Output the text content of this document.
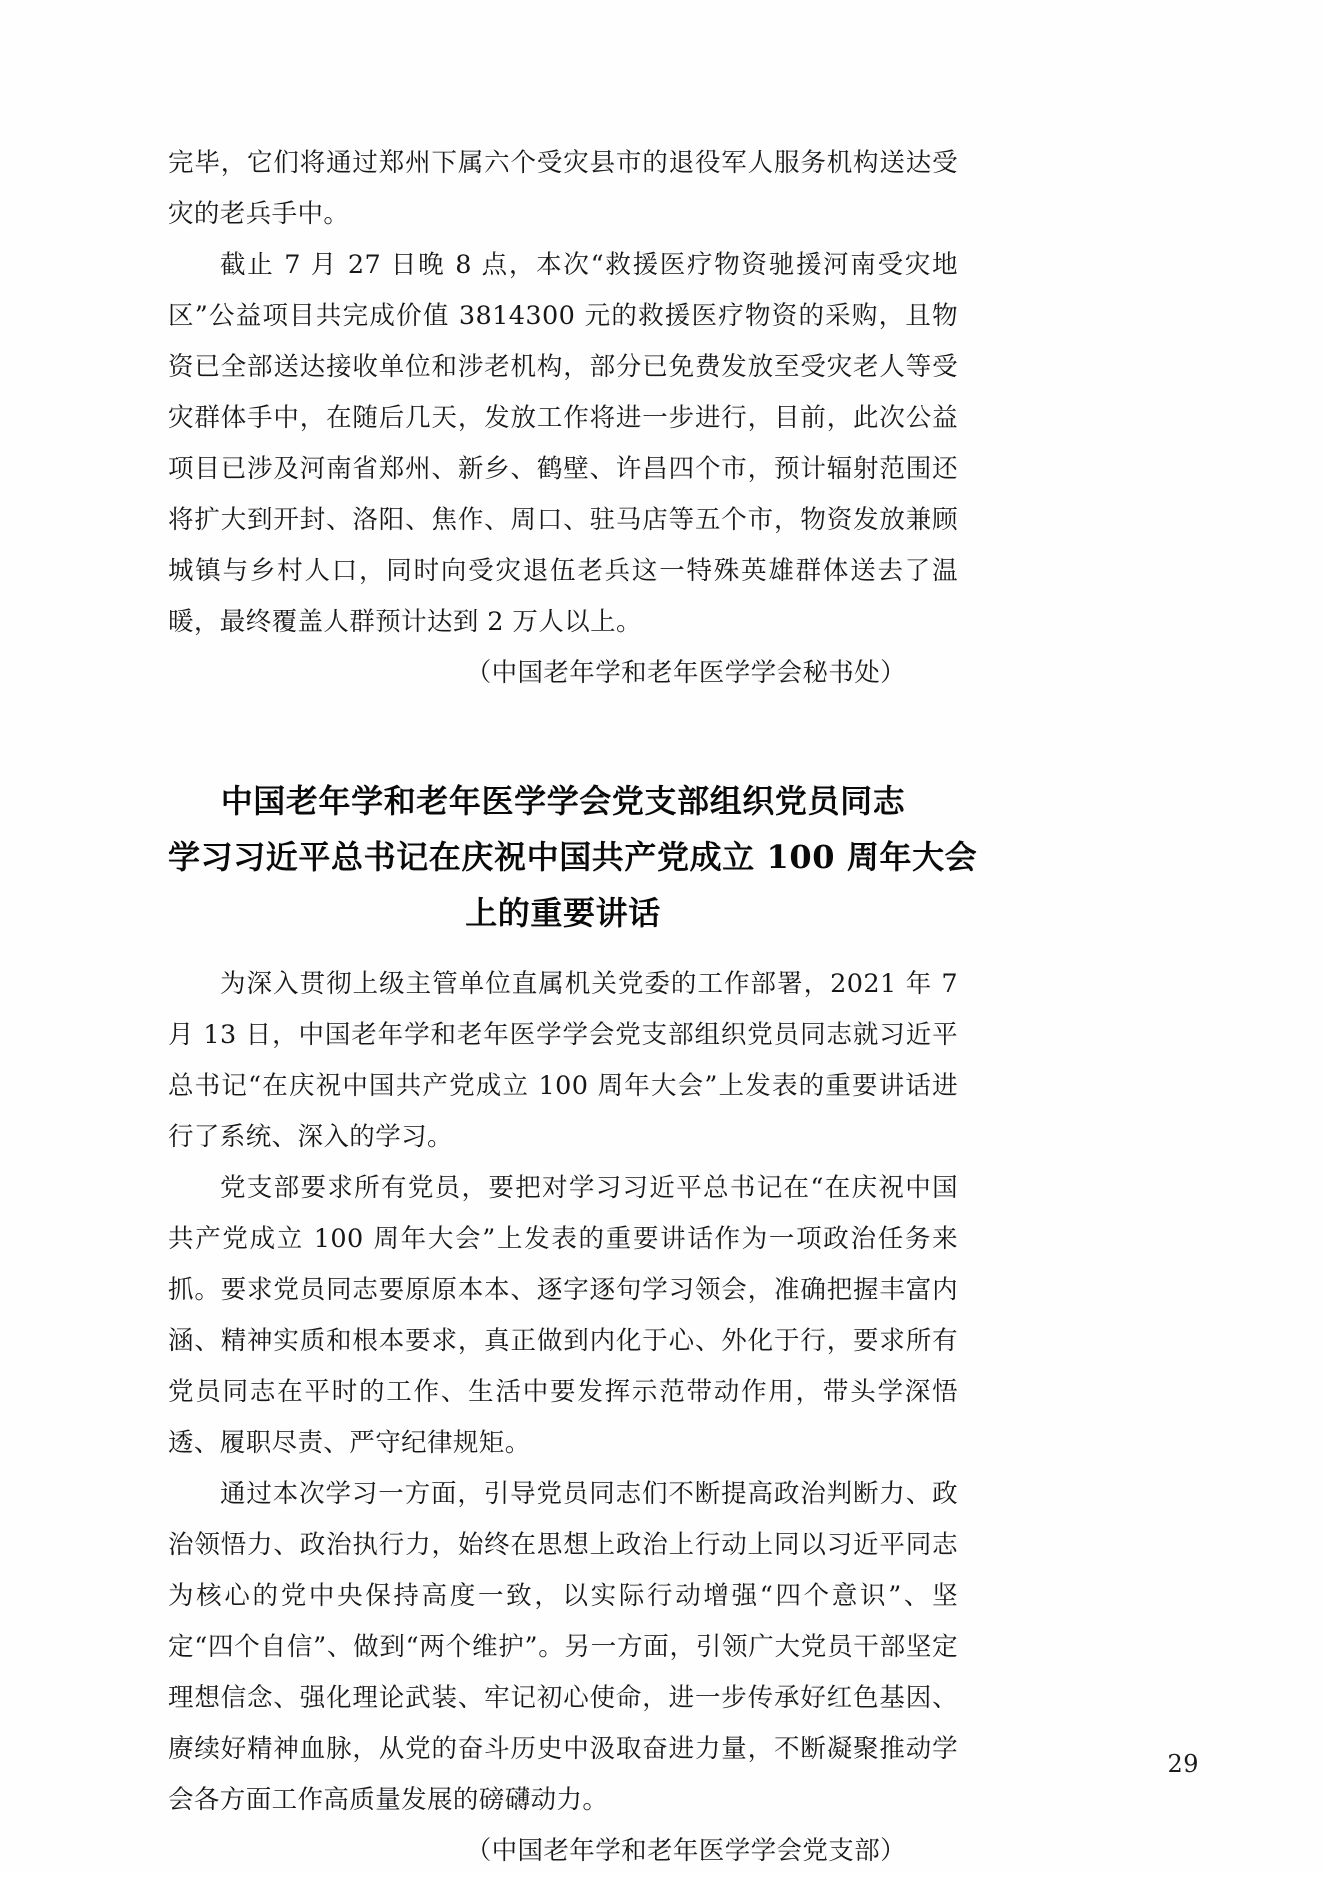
完毕，它们将通过郑州下属六个受灾县市的退役军人服务机构送达受灾的老兵手中。

截止 7 月 27 日晚 8 点，本次“救援医疗物资驰援河南受灾地区”公益项目共完成价值 3814300 元的救援医疗物资的采购，且物资已全部送达接收单位和涉老机构，部分已免费发放至受灾老人等受灾群体手中，在随后几天，发放工作将进一步进行，目前，此次公益项目已涉及河南省郑州、新乡、鹤壁、许昌四个市，预计辐射范围还将扩大到开封、洛阳、焦作、周口、驻马店等五个市，物资发放兼顾城镇与乡村人口，同时向受灾退伍老兵这一特殊英雄群体送去了温暖，最终覆盖人群预计达到 2 万人以上。

（中国老年学和老年医学学会秘书处）
中国老年学和老年医学学会党支部组织党员同志
学习习近平总书记在庆祝中国共产党成立 100 周年大会
上的重要讲话

为深入贯彻上级主管单位直属机关党委的工作部署，2021 年 7 月 13 日，中国老年学和老年医学学会党支部组织党员同志就习近平总书记“在庆祝中国共产党成立 100 周年大会”上发表的重要讲话进行了系统、深入的学习。

党支部要求所有党员，要把对学习习近平总书记在“在庆祝中国共产党成立 100 周年大会”上发表的重要讲话作为一项政治任务来抓。要求党员同志要原原本本、逐字逐句学习领会，准确把握丰富内涵、精神实质和根本要求，真正做到内化于心、外化于行，要求所有党员同志在平时的工作、生活中要发挥示范带动作用，带头学深悟透、履职尽责、严守纪律规矩。

通过本次学习一方面，引导党员同志们不断提高政治判断力、政治领悟力、政治执行力，始终在思想上政治上行动上同以习近平同志为核心的党中央保持高度一致，以实际行动增强“四个意识”、坚定“四个自信”、做到“两个维护”。另一方面，引领广大党员干部坚定理想信念、强化理论武装、牢记初心使命，进一步传承好红色基因、赓续好精神血脉，从党的奋斗历史中汲取奋进力量，不断凝聚推动学会各方面工作高质量发展的磅礴动力。

（中国老年学和老年医学学会党支部）
29
